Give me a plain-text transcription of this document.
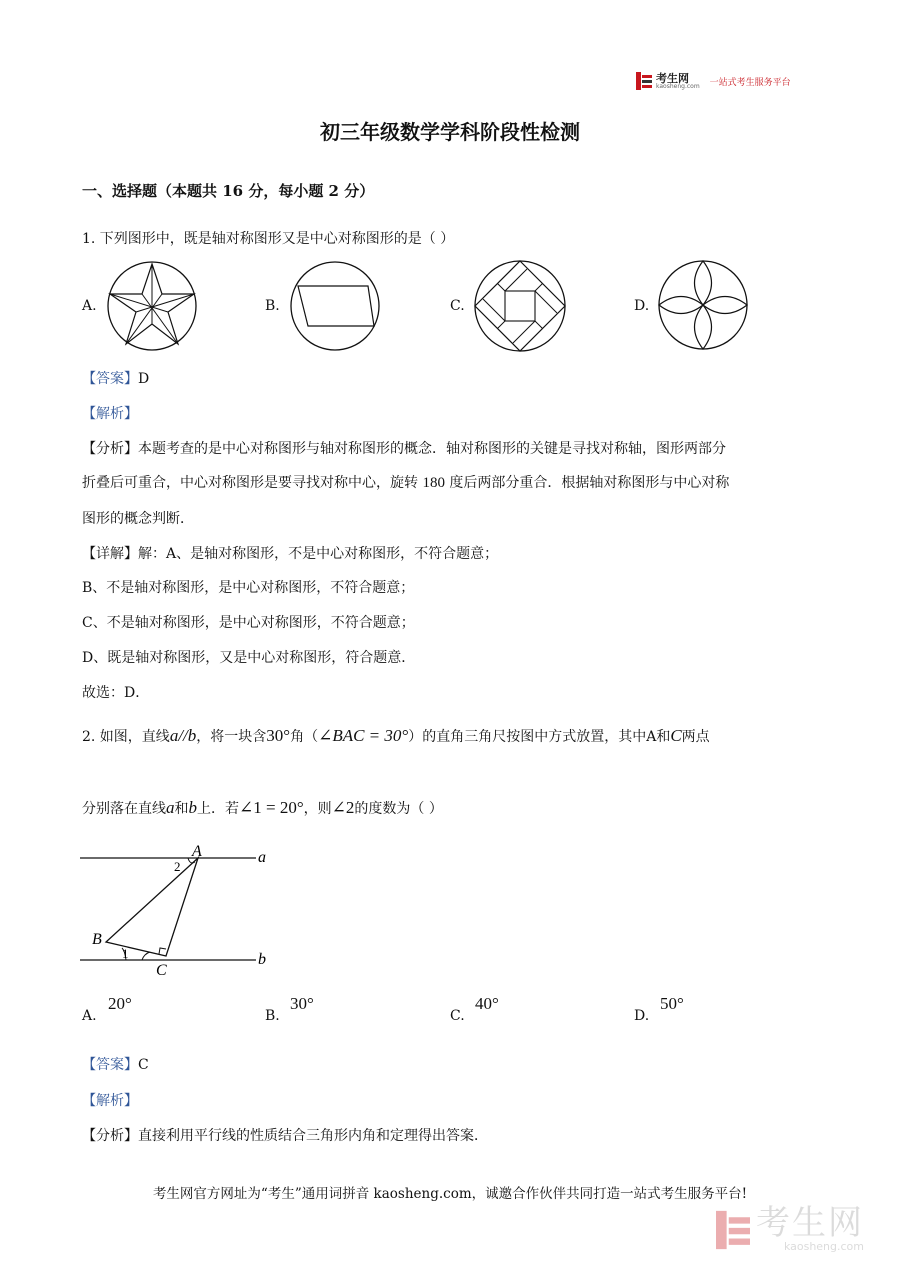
考生网
kaosheng.com 一站式考生服务平台
初三年级数学学科阶段性检测
一、选择题（本题共 16 分，每小题 2 分）
1. 下列图形中，既是轴对称图形又是中心对称图形的是（ ）
A.	B.	C.	D.
【答案】D
【解析】
【分析】本题考查的是中心对称图形与轴对称图形的概念．轴对称图形的关键是寻找对称轴，图形两部分
折叠后可重合，中心对称图形是要寻找对称中心，旋转 180 度后两部分重合．根据轴对称图形与中心对称
图形的概念判断．
【详解】解：A、是轴对称图形，不是中心对称图形，不符合题意；
B、不是轴对称图形，是中心对称图形，不符合题意；
C、不是轴对称图形，是中心对称图形，不符合题意；
D、既是轴对称图形，又是中心对称图形，符合题意．
故选：D．
2. 如图，直线a//b，将一块含30°角（∠BAC = 30°）的直角三角尺按图中方式放置，其中A和C两点
分别落在直线a和b上．若∠1 = 20°，则∠2的度数为（ ）
A	a
2
B
1
C
b
A.
20°
B.
30°
C.
40°
D.
50°
【答案】C
【解析】
【分析】直接利用平行线的性质结合三角形内角和定理得出答案．
考生网官方网址为“考生”通用词拼音 kaosheng.com，诚邀合作伙伴共同打造一站式考生服务平台!
考生网
kaosheng.com
